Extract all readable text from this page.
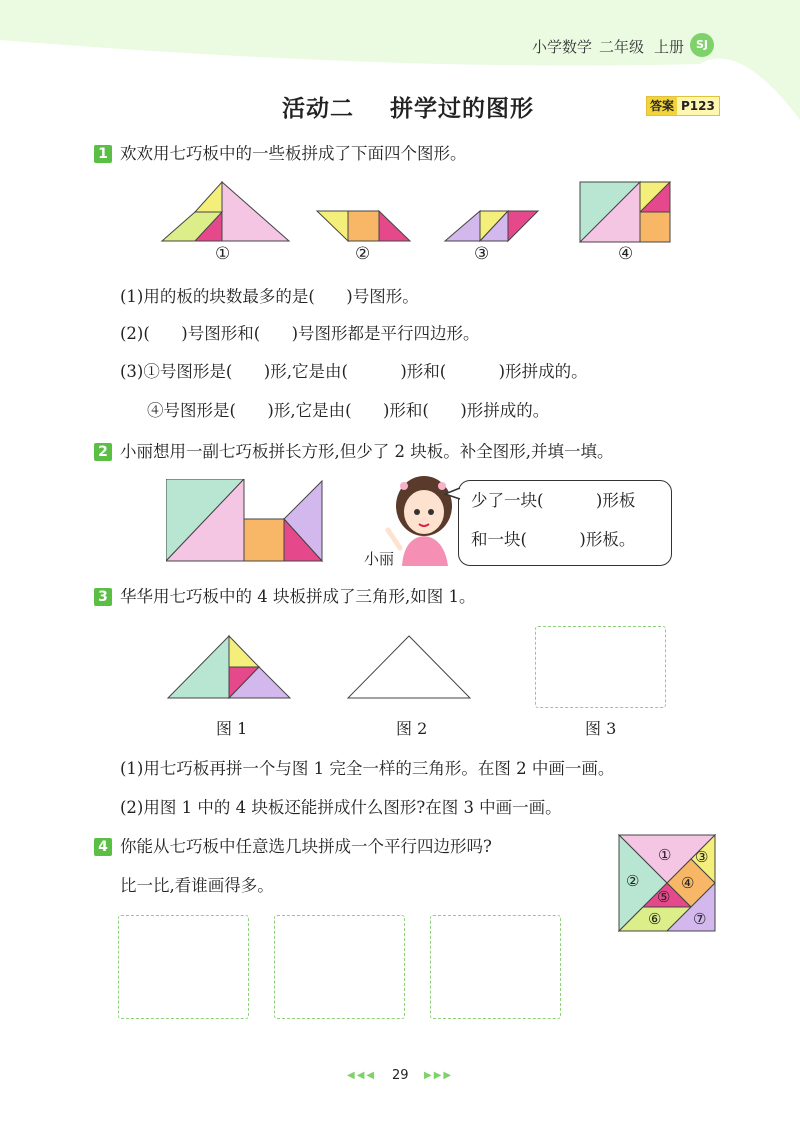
小学数学 二年级 上册	SJ
活动二    拼学过的图形	答案 P123
1 欢欢用七巧板中的一些板拼成了下面四个图形。
①	②	③	④
(1)用的板的块数最多的是(      )号图形。
(2)(      )号图形和(      )号图形都是平行四边形。
(3)①号图形是(      )形,它是由(          )形和(          )形拼成的。
④号图形是(      )形,它是由(      )形和(      )形拼成的。
2 小丽想用一副七巧板拼长方形,但少了 2 块板。补全图形,并填一填。
小丽
少了一块(          )形板
和一块(          )形板。
3 华华用七巧板中的 4 块板拼成了三角形,如图 1。
图 1	图 2	图 3
(1)用七巧板再拼一个与图 1 完全一样的三角形。在图 2 中画一画。
(2)用图 1 中的 4 块板还能拼成什么图形?在图 3 中画一画。
4 你能从七巧板中任意选几块拼成一个平行四边形吗?
比一比,看谁画得多。
①
②
③
④
⑤
⑥ ⑦
◀◀◀ 29 ▶▶▶
